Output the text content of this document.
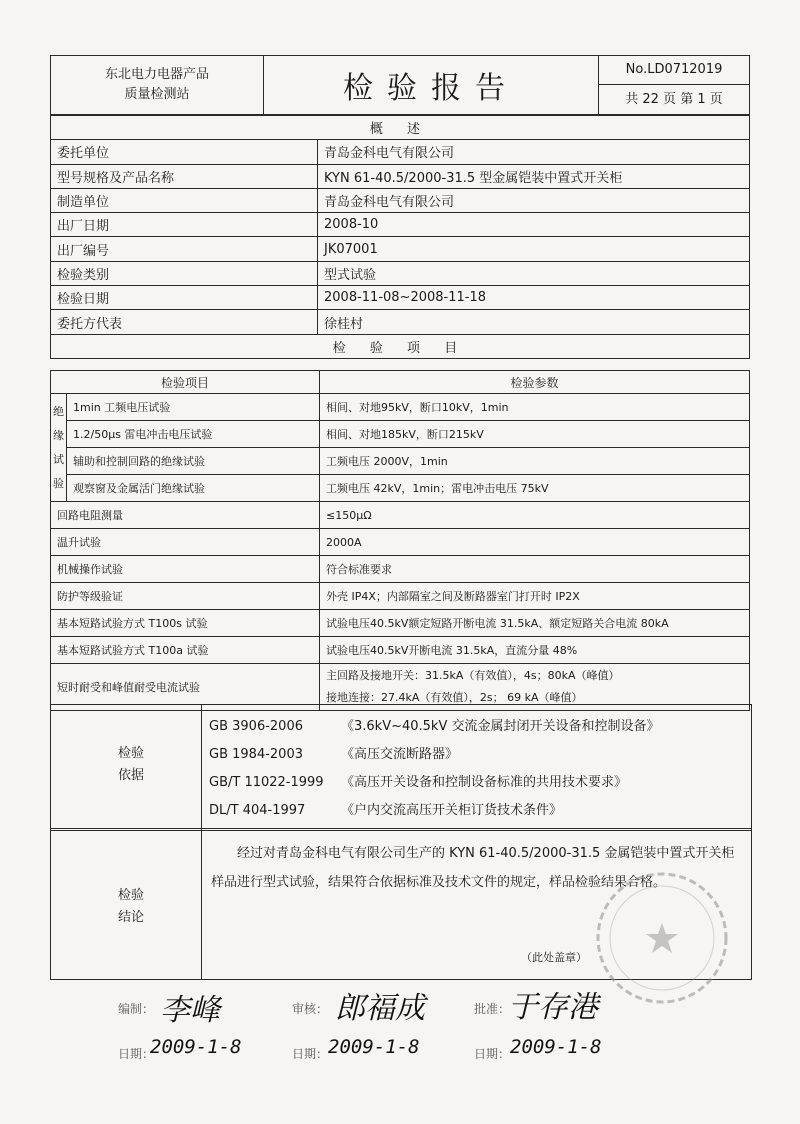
东北电力电器产品
质量检测站	检验报告	
No.LD0712019
共 22 页 第 1 页
概 述	
委托单位	青岛金科电气有限公司
型号规格及产品名称	KYN 61-40.5/2000-31.5 型金属铠装中置式开关柜
制造单位	青岛金科电气有限公司
出厂日期	2008-10
出厂编号	JK07001
检验类别	型式试验
检验日期	2008-11-08~2008-11-18
委托方代表	徐桂村
检 验 项 目	
检验项目		检验参数
绝缘试验	1min 工频电压试验	相间、对地95kV，断口10kV，1min
	1.2/50μs 雷电冲击电压试验	相间、对地185kV，断口215kV
	辅助和控制回路的绝缘试验	工频电压 2000V，1min
	观察窗及金属活门绝缘试验	工频电压 42kV，1min；雷电冲击电压 75kV
回路电阻测量		≤150μΩ
温升试验		2000A
机械操作试验		符合标准要求
防护等级验证		外壳 IP4X；内部隔室之间及断路器室门打开时 IP2X
基本短路试验方式 T100s 试验		试验电压40.5kV额定短路开断电流 31.5kA、额定短路关合电流 80kA
基本短路试验方式 T100a 试验		试验电压40.5kV开断电流 31.5kA，直流分量 48%
短时耐受和峰值耐受电流试验		主回路及接地开关：31.5kA（有效值），4s；80kA（峰值）
接地连接：27.4kA（有效值），2s； 69 kA（峰值）
检验
依据
GB 3906-2006	《3.6kV~40.5kV 交流金属封闭开关设备和控制设备》
GB 1984-2003	《高压交流断路器》
GB/T 11022-1999 《高压开关设备和控制设备标准的共用技术要求》
DL/T 404-1997	《户内交流高压开关柜订货技术条件》
检验
结论
经过对青岛金科电气有限公司生产的 KYN 61-40.5/2000-31.5 金属铠装中置式开关柜样品进行型式试验，结果符合依据标准及技术文件的规定，样品检验结果合格。
（此处盖章）
编制： 李峰	审核： 郎福成	批准：
于存港
日期：
2009-1-8	日期： 2009-1-8	日期： 2009-1-8
